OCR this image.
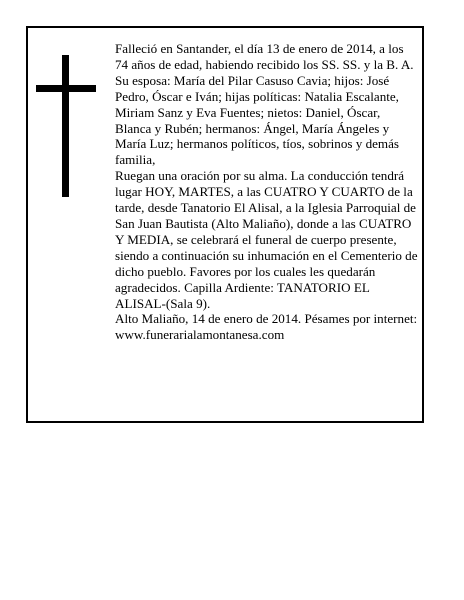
Falleció en Santander, el día 13 de enero de 2014, a los 74 años de edad, habiendo recibido los SS. SS. y la B. A.

Su esposa: María del Pilar Casuso Cavia; hijos: José Pedro, Óscar e Iván; hijas políticas: Natalia Escalante, Miriam Sanz y Eva Fuentes; nietos: Daniel, Óscar, Blanca y Rubén; hermanos: Ángel, María Ángeles y María Luz; hermanos políticos, tíos, sobrinos y demás familia,

Ruegan una oración por su alma. La conducción tendrá lugar HOY, MARTES, a las CUATRO Y CUARTO de la tarde, desde Tanatorio El Alisal, a la Iglesia Parroquial de San Juan Bautista (Alto Maliaño), donde a las CUATRO Y MEDIA, se celebrará el funeral de cuerpo presente, siendo a continuación su inhumación en el Cementerio de dicho pueblo. Favores por los cuales les quedarán agradecidos. Capilla Ardiente: TANATORIO EL ALISAL-(Sala 9).

Alto Maliaño, 14 de enero de 2014. Pésames por internet: www.funerarialamontanesa.com
